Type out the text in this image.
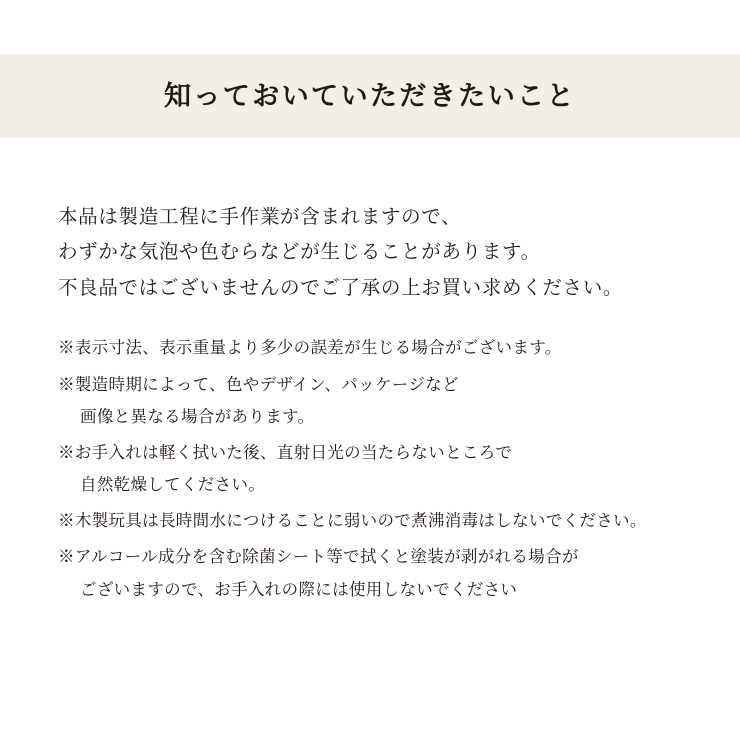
知っておいていただきたいこと
本品は製造工程に手作業が含まれますので、
わずかな気泡や色むらなどが生じることがあります。
不良品ではございませんのでご了承の上お買い求めください。
※表示寸法、表示重量より多少の誤差が生じる場合がございます。
※製造時期によって、色やデザイン、パッケージなど
画像と異なる場合があります。
※お手入れは軽く拭いた後、直射日光の当たらないところで
自然乾燥してください。
※木製玩具は長時間水につけることに弱いので煮沸消毒はしないでください。
※アルコール成分を含む除菌シート等で拭くと塗装が剥がれる場合が
ございますので、お手入れの際には使用しないでください
